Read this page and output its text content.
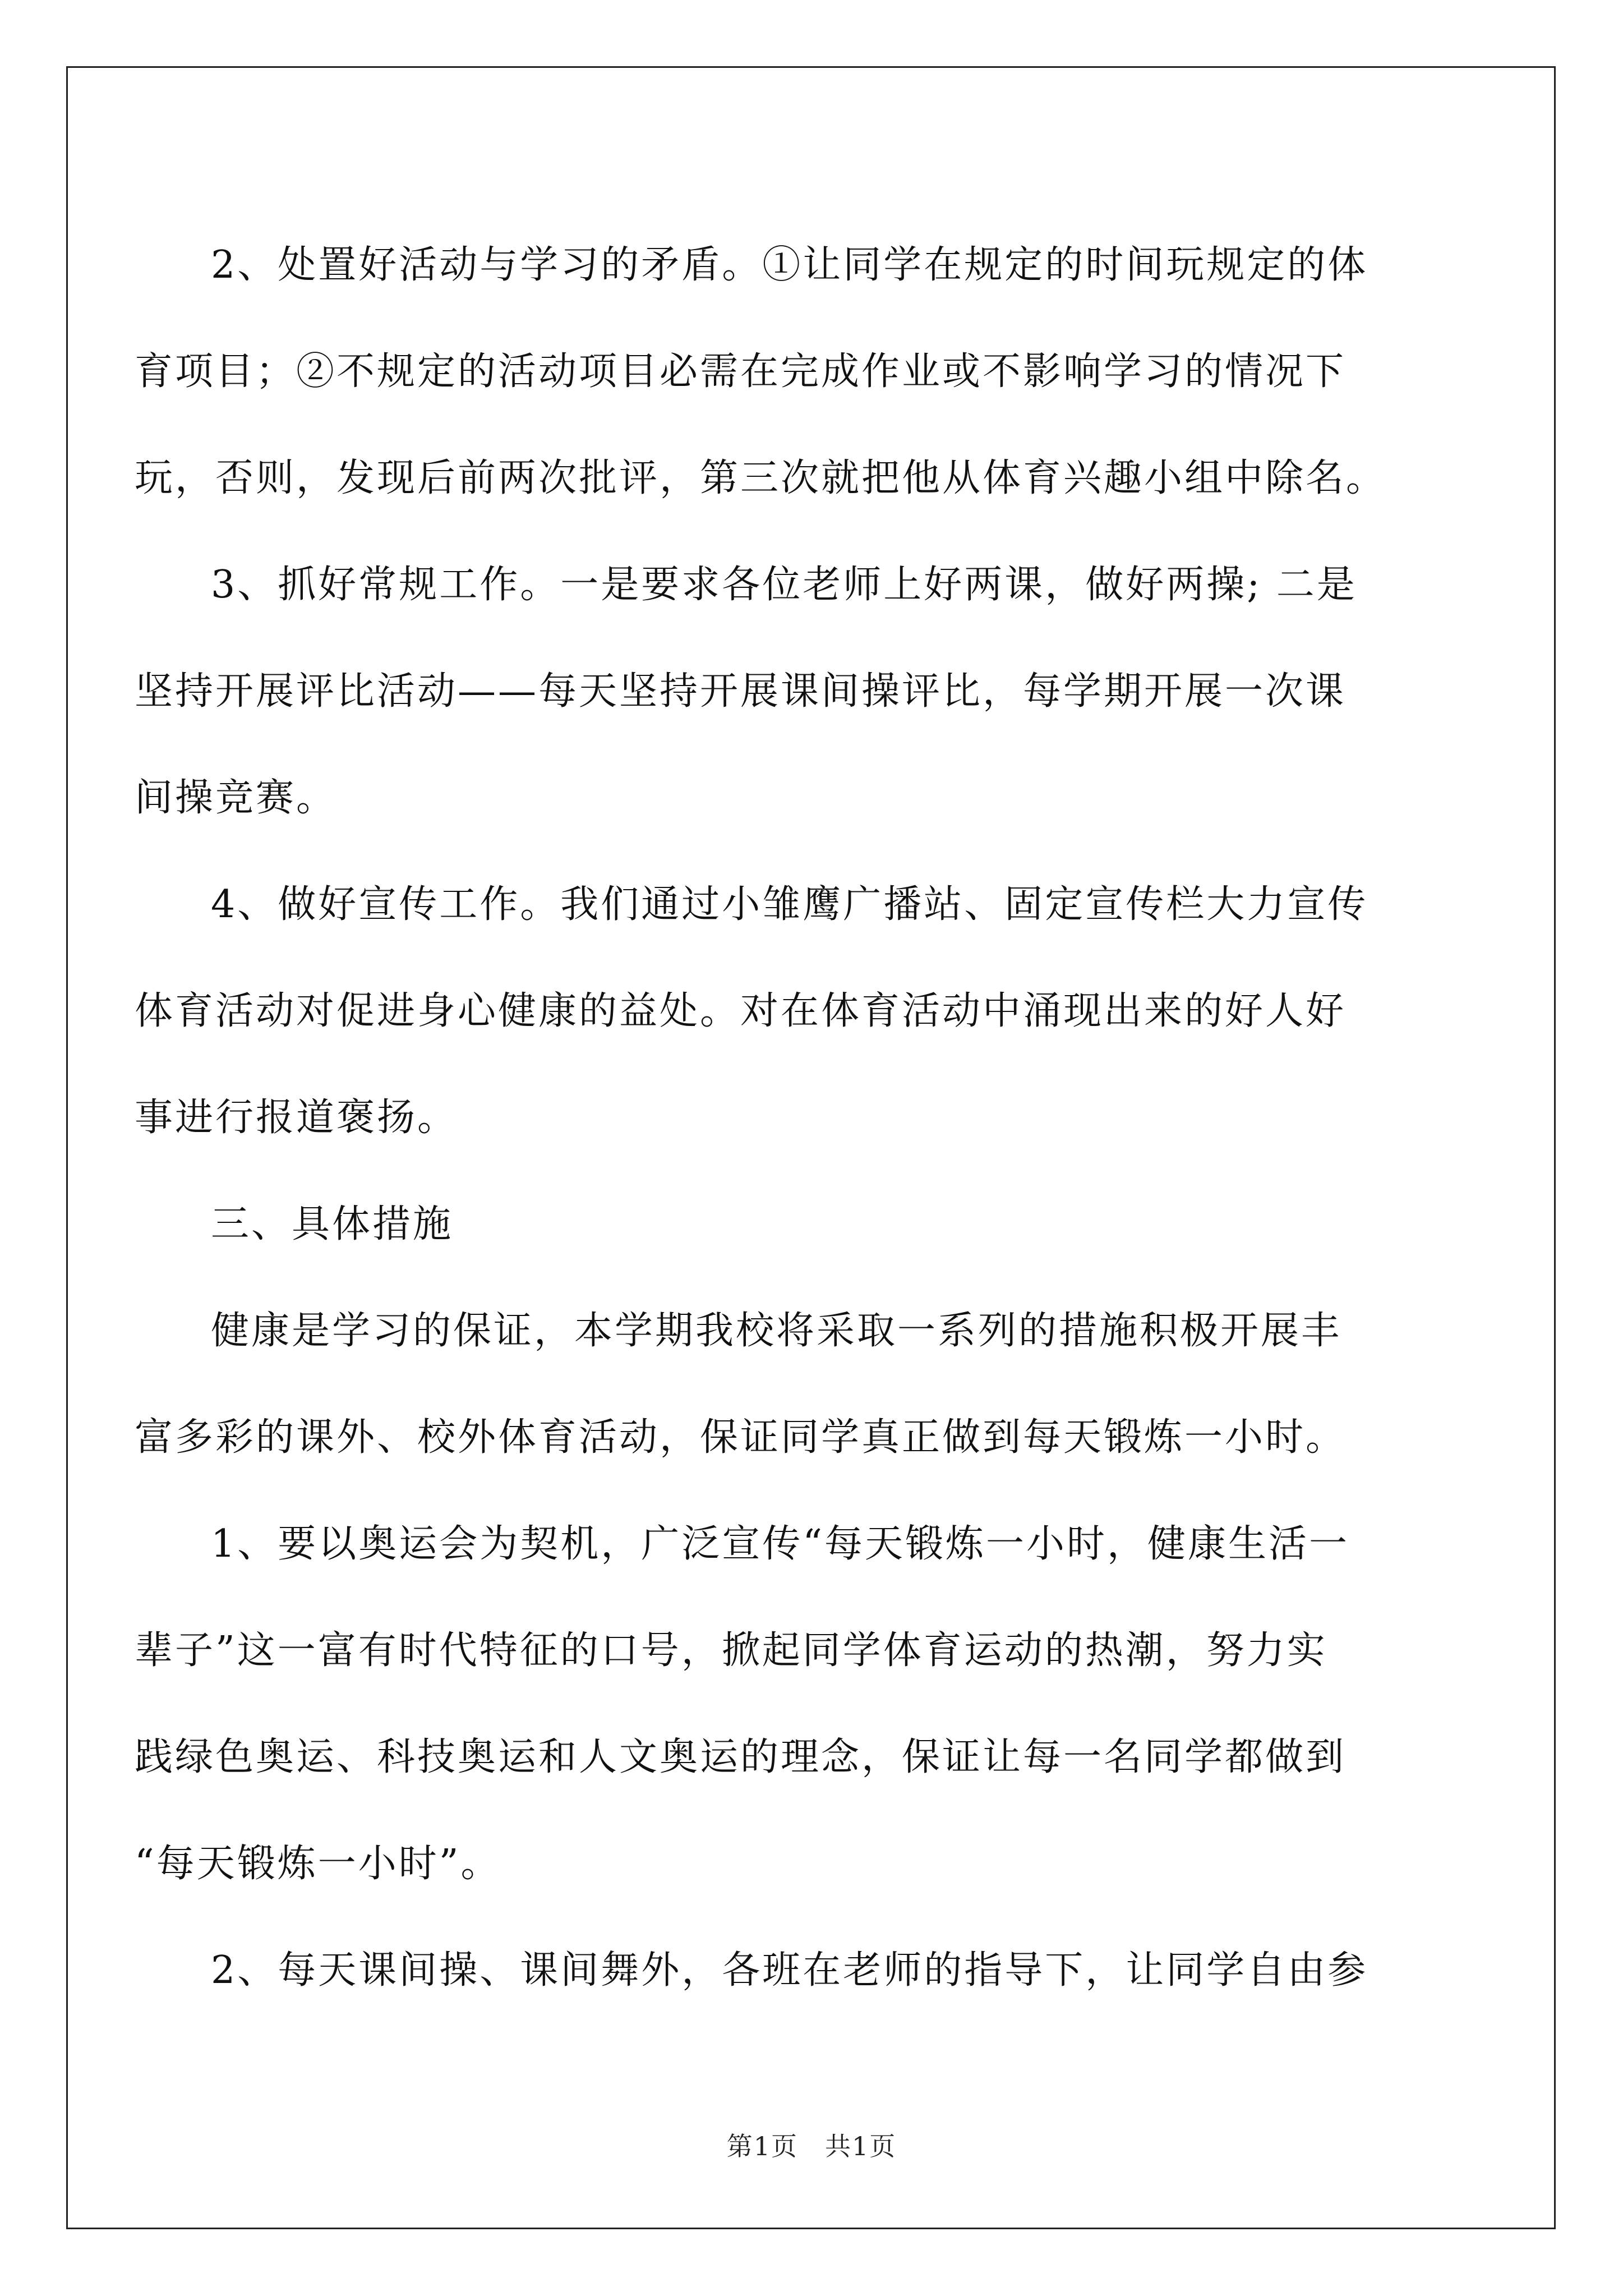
2、处置好活动与学习的矛盾。①让同学在规定的时间玩规定的体
育项目；②不规定的活动项目必需在完成作业或不影响学习的情况下
玩，否则，发现后前两次批评，第三次就把他从体育兴趣小组中除名。
3、抓好常规工作。一是要求各位老师上好两课，做好两操; 二是
坚持开展评比活动——每天坚持开展课间操评比，每学期开展一次课
间操竞赛。
4、做好宣传工作。我们通过小雏鹰广播站、固定宣传栏大力宣传
体育活动对促进身心健康的益处。对在体育活动中涌现出来的好人好
事进行报道褒扬。
三、具体措施
健康是学习的保证，本学期我校将采取一系列的措施积极开展丰
富多彩的课外、校外体育活动，保证同学真正做到每天锻炼一小时。
1、要以奥运会为契机，广泛宣传“每天锻炼一小时，健康生活一
辈子”这一富有时代特征的口号，掀起同学体育运动的热潮，努力实
践绿色奥运、科技奥运和人文奥运的理念，保证让每一名同学都做到
“每天锻炼一小时”。
2、每天课间操、课间舞外，各班在老师的指导下，让同学自由参
第1页　共1页
